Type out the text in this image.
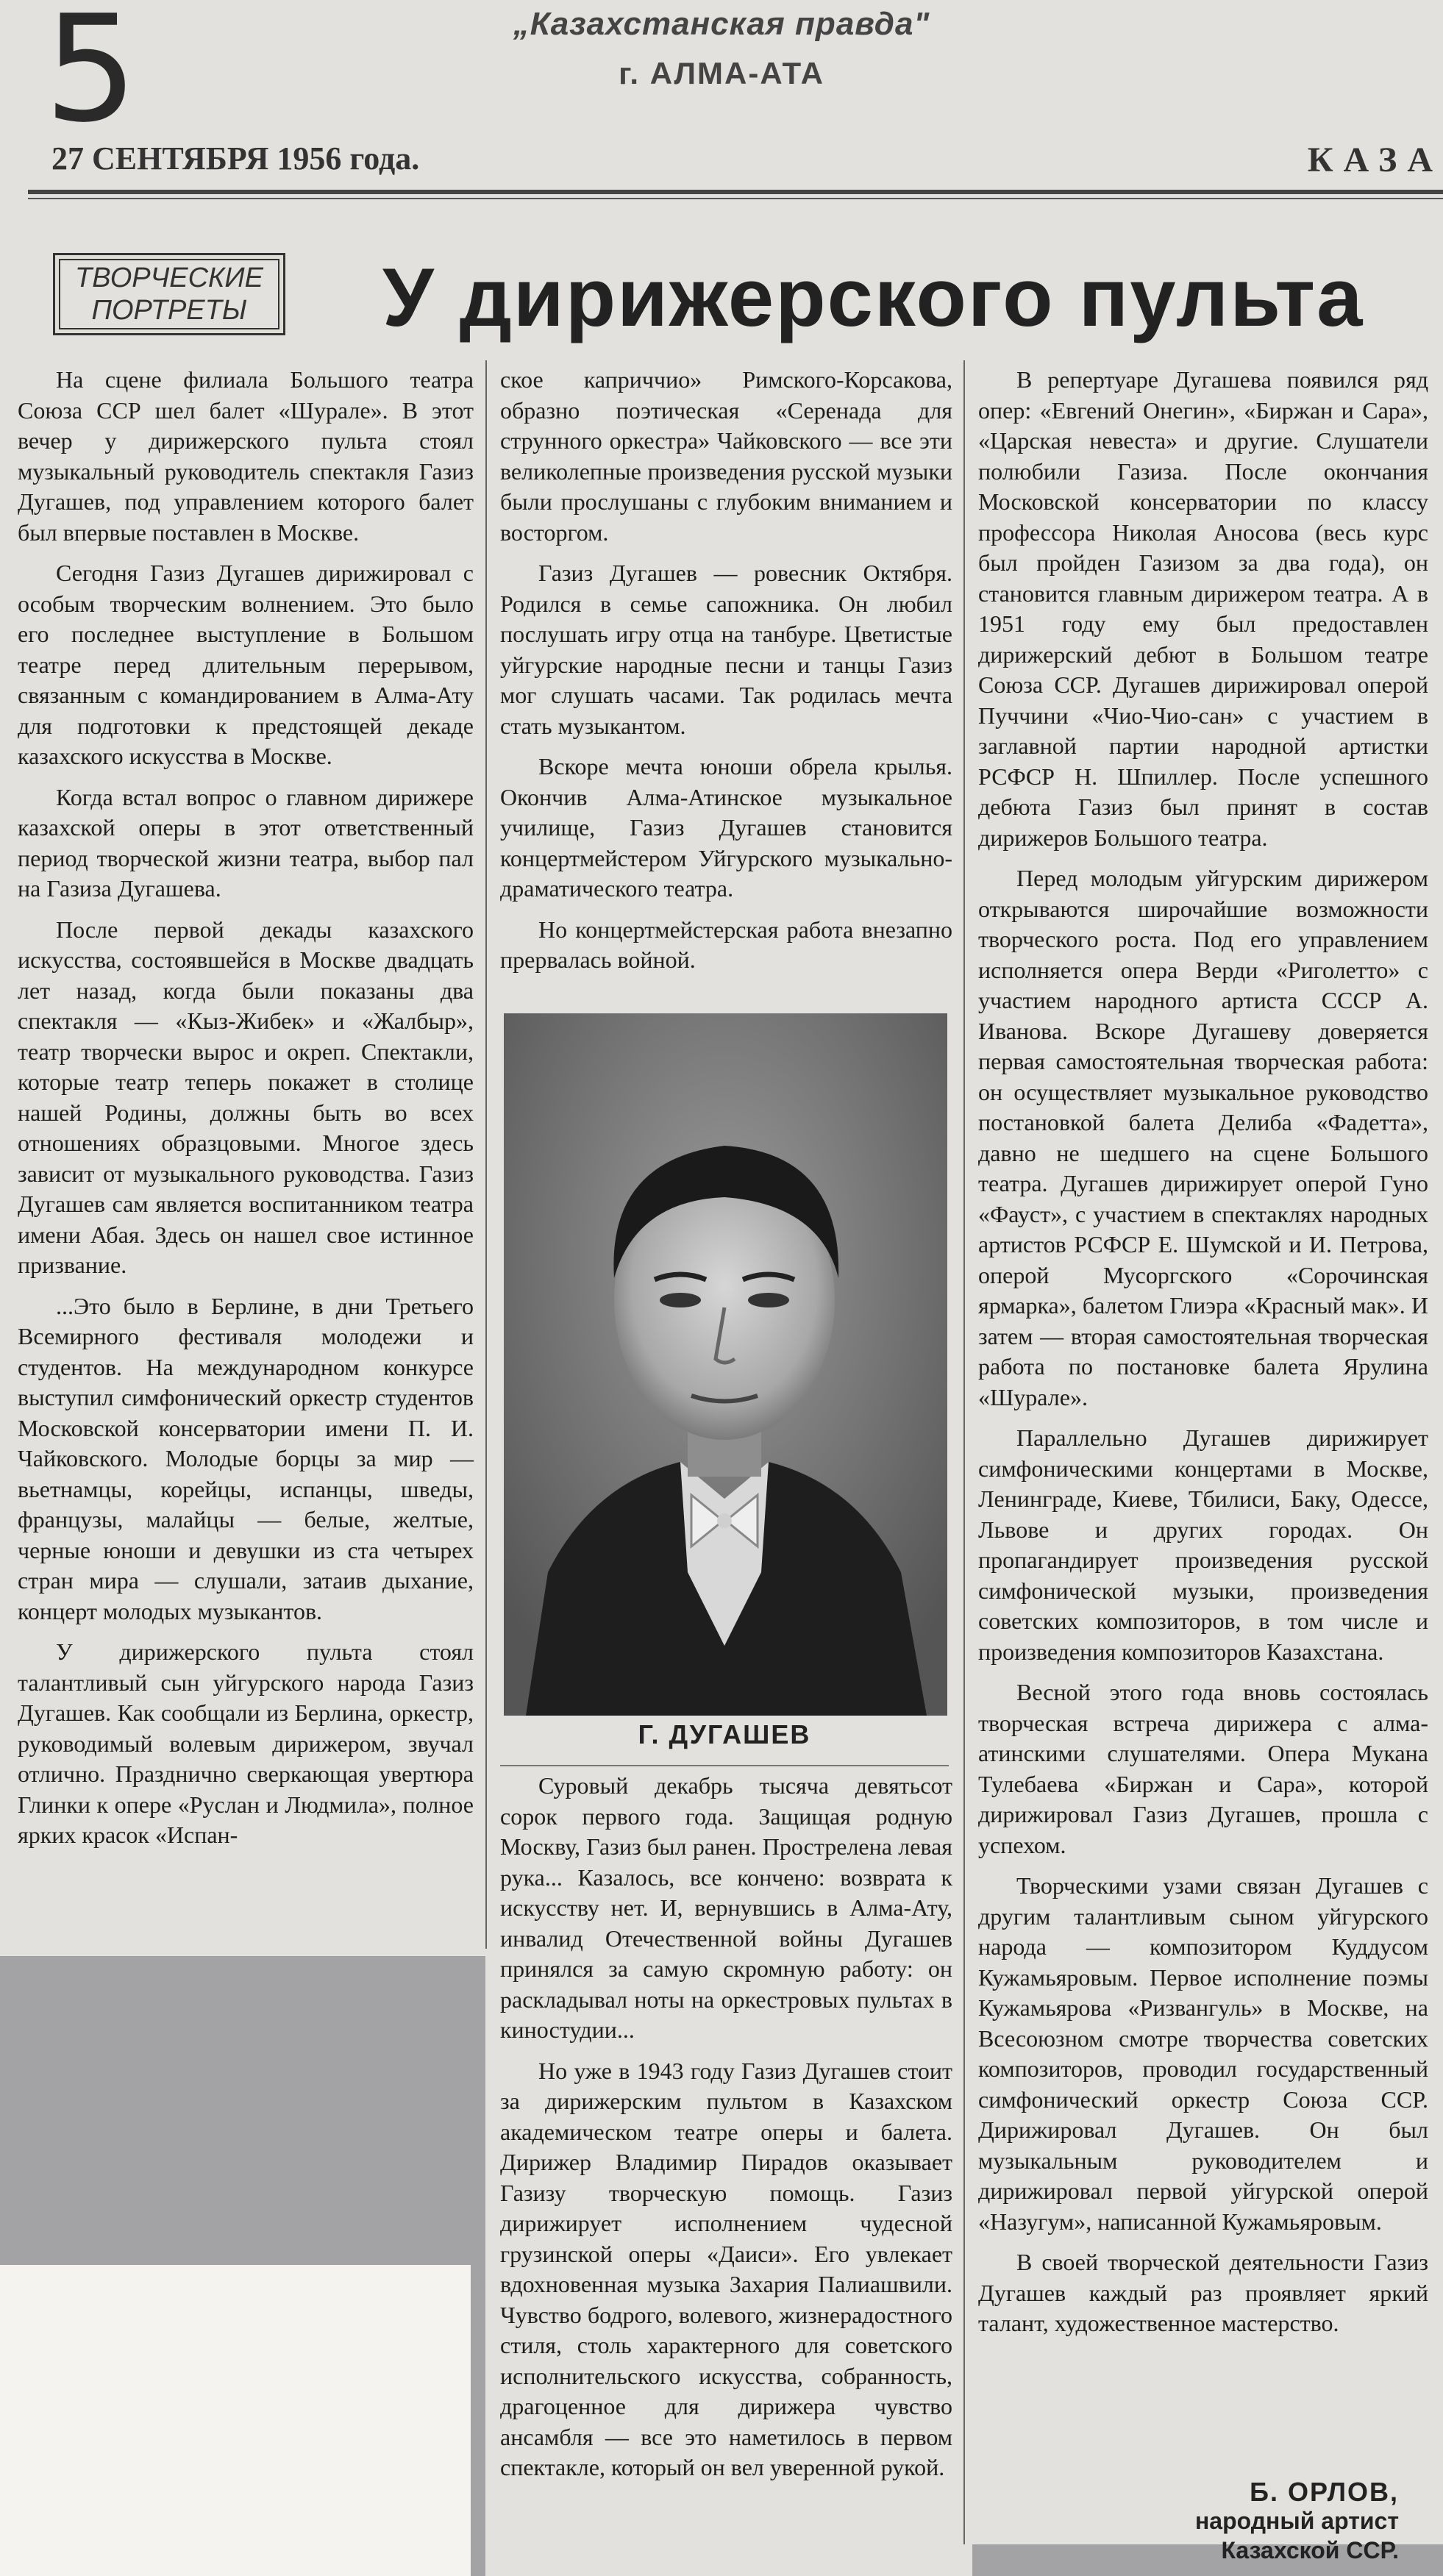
5	„Казахстанская правда"
г. АЛМА-АТА
27 СЕНТЯБРЯ 1956 года.	КАЗА
ТВОРЧЕСКИЕ
ПОРТРЕТЫ	У дирижерского пульта

На сцене филиала Большого театра Союза ССР шел балет «Шурале». В этот вечер у дирижерского пульта стоял музыкальный руководитель спектакля Газиз Дугашев, под управлением которого балет был впервые поставлен в Москве.

Сегодня Газиз Дугашев дирижировал с особым творческим волнением. Это было его последнее выступление в Большом театре перед длительным перерывом, связанным с командированием в Алма-Ату для подготовки к предстоящей декаде казахского искусства в Москве.

Когда встал вопрос о главном дирижере казахской оперы в этот ответственный период творческой жизни театра, выбор пал на Газиза Дугашева.

После первой декады казахского искусства, состоявшейся в Москве двадцать лет назад, когда были показаны два спектакля — «Кыз-Жибек» и «Жалбыр», театр творчески вырос и окреп. Спектакли, которые театр теперь покажет в столице нашей Родины, должны быть во всех отношениях образцовыми. Многое здесь зависит от музыкального руководства. Газиз Дугашев сам является воспитанником театра имени Абая. Здесь он нашел свое истинное призвание.

...Это было в Берлине, в дни Третьего Всемирного фестиваля молодежи и студентов. На международном конкурсе выступил симфонический оркестр студентов Московской консерватории имени П. И. Чайковского. Молодые борцы за мир — вьетнамцы, корейцы, испанцы, шведы, французы, малайцы — белые, желтые, черные юноши и девушки из ста четырех стран мира — слушали, затаив дыхание, концерт молодых музыкантов.

У дирижерского пульта стоял талантливый сын уйгурского народа Газиз Дугашев. Как сообщали из Берлина, оркестр, руководимый волевым дирижером, звучал отлично. Празднично сверкающая увертюра Глинки к опере «Руслан и Людмила», полное ярких красок «Испан-

ское каприччио» Римского-Корсакова, образно поэтическая «Серенада для струнного оркестра» Чайковского — все эти великолепные произведения русской музыки были прослушаны с глубоким вниманием и восторгом.

Газиз Дугашев — ровесник Октября. Родился в семье сапожника. Он любил послушать игру отца на танбуре. Цветистые уйгурские народные песни и танцы Газиз мог слушать часами. Так родилась мечта стать музыкантом.

Вскоре мечта юноши обрела крылья. Окончив Алма-Атинское музыкальное училище, Газиз Дугашев становится концертмейстером Уйгурского музыкально-драматического театра.

Но концертмейстерская работа внезапно прервалась войной.

Г. ДУГАШЕВ

Суровый декабрь тысяча девятьсот сорок первого года. Защищая родную Москву, Газиз был ранен. Прострелена левая рука... Казалось, все кончено: возврата к искусству нет. И, вернувшись в Алма-Ату, инвалид Отечественной войны Дугашев принялся за самую скромную работу: он раскладывал ноты на оркестровых пультах в киностудии...

Но уже в 1943 году Газиз Дугашев стоит за дирижерским пультом в Казахском академическом театре оперы и балета. Дирижер Владимир Пирадов оказывает Газизу творческую помощь. Газиз дирижирует исполнением чудесной грузинской оперы «Даиси». Его увлекает вдохновенная музыка Захария Палиашвили. Чувство бодрого, волевого, жизнерадостного стиля, столь характерного для советского исполнительского искусства, собранность, драгоценное для дирижера чувство ансамбля — все это наметилось в первом спектакле, который он вел уверенной рукой.

В репертуаре Дугашева появился ряд опер: «Евгений Онегин», «Биржан и Сара», «Царская невеста» и другие. Слушатели полюбили Газиза. После окончания Московской консерватории по классу профессора Николая Аносова (весь курс был пройден Газизом за два года), он становится главным дирижером театра. А в 1951 году ему был предоставлен дирижерский дебют в Большом театре Союза ССР. Дугашев дирижировал оперой Пуччини «Чио-Чио-сан» с участием в заглавной партии народной артистки РСФСР Н. Шпиллер. После успешного дебюта Газиз был принят в состав дирижеров Большого театра.

Перед молодым уйгурским дирижером открываются широчайшие возможности творческого роста. Под его управлением исполняется опера Верди «Риголетто» с участием народного артиста СССР А. Иванова. Вскоре Дугашеву доверяется первая самостоятельная творческая работа: он осуществляет музыкальное руководство постановкой балета Делиба «Фадетта», давно не шедшего на сцене Большого театра. Дугашев дирижирует оперой Гуно «Фауст», с участием в спектаклях народных артистов РСФСР Е. Шумской и И. Петрова, оперой Мусоргского «Сорочинская ярмарка», балетом Глиэра «Красный мак». И затем — вторая самостоятельная творческая работа по постановке балета Ярулина «Шурале».

Параллельно Дугашев дирижирует симфоническими концертами в Москве, Ленинграде, Киеве, Тбилиси, Баку, Одессе, Львове и других городах. Он пропагандирует произведения русской симфонической музыки, произведения советских композиторов, в том числе и произведения композиторов Казахстана.

Весной этого года вновь состоялась творческая встреча дирижера с алма-атинскими слушателями. Опера Мукана Тулебаева «Биржан и Сара», которой дирижировал Газиз Дугашев, прошла с успехом.

Творческими узами связан Дугашев с другим талантливым сыном уйгурского народа — композитором Куддусом Кужамьяровым. Первое исполнение поэмы Кужамьярова «Ризвангуль» в Москве, на Всесоюзном смотре творчества советских композиторов, проводил государственный симфонический оркестр Союза ССР. Дирижировал Дугашев. Он был музыкальным руководителем и дирижировал первой уйгурской оперой «Назугум», написанной Кужамьяровым.

В своей творческой деятельности Газиз Дугашев каждый раз проявляет яркий талант, художественное мастерство.

Б. ОРЛОВ,
народный артист
Казахской ССР.
